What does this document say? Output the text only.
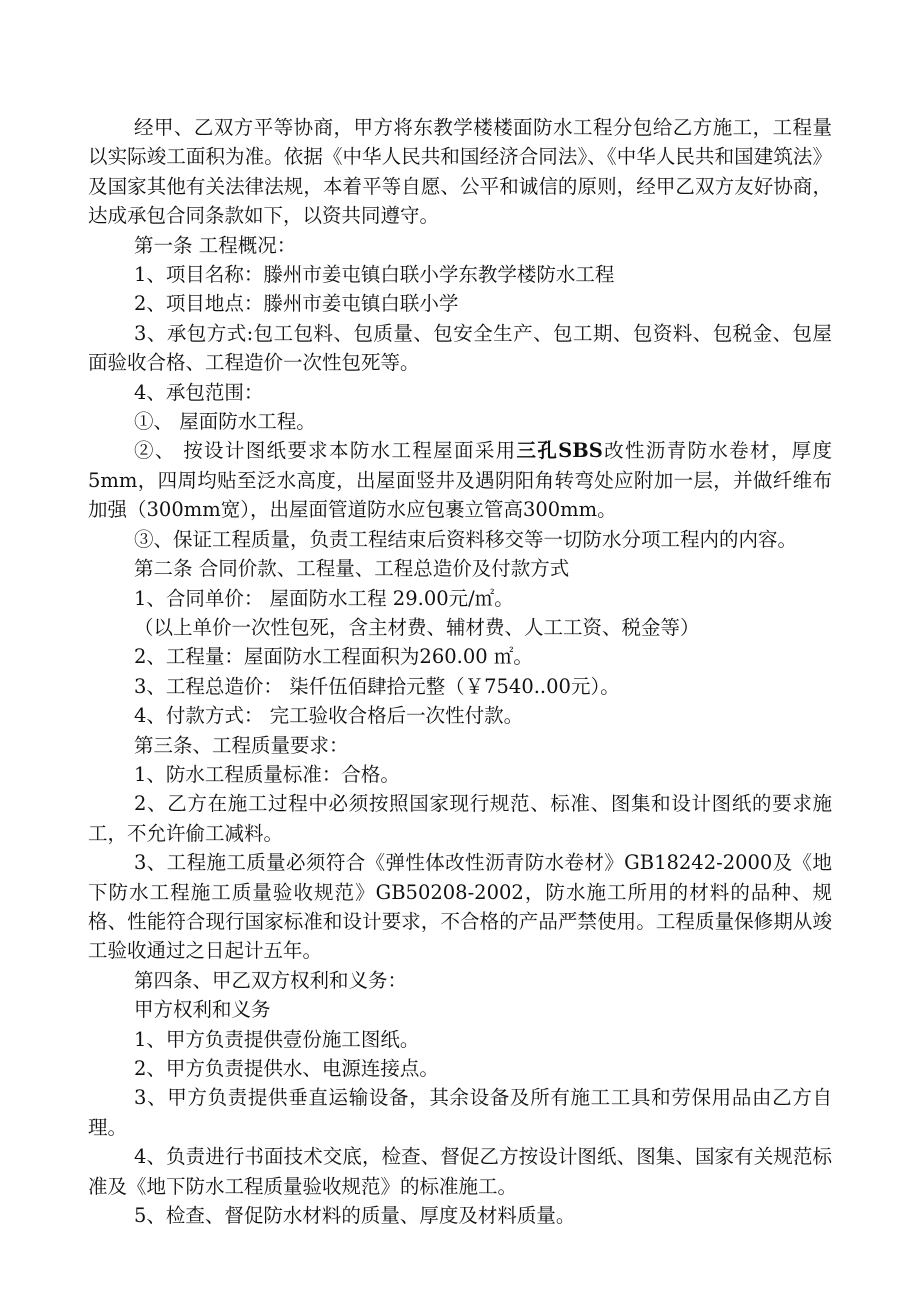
经甲、乙双方平等协商，甲方将东教学楼楼面防水工程分包给乙方施工，工程量以实际竣工面积为准。依据《中华人民共和国经济合同法》、《中华人民共和国建筑法》及国家其他有关法律法规，本着平等自愿、公平和诚信的原则，经甲乙双方友好协商，达成承包合同条款如下，以资共同遵守。

第一条 工程概况：

1、项目名称：滕州市姜屯镇白联小学东教学楼防水工程

2、项目地点：滕州市姜屯镇白联小学

3、承包方式:包工包料、包质量、包安全生产、包工期、包资料、包税金、包屋面验收合格、工程造价一次性包死等。

4、承包范围：

①、 屋面防水工程。

②、 按设计图纸要求本防水工程屋面采用三孔SBS改性沥青防水卷材，厚度5mm，四周均贴至泛水高度，出屋面竖井及遇阴阳角转弯处应附加一层，并做纤维布加强（300mm宽），出屋面管道防水应包裹立管高300mm。

③、保证工程质量，负责工程结束后资料移交等一切防水分项工程内的内容。

第二条 合同价款、工程量、工程总造价及付款方式

1、合同单价： 屋面防水工程 29.00元/㎡。

（以上单价一次性包死，含主材费、辅材费、人工工资、税金等）

2、工程量：屋面防水工程面积为260.00 ㎡。

3、工程总造价： 柒仟伍佰肆拾元整（￥7540..00元）。

4、付款方式： 完工验收合格后一次性付款。

第三条、工程质量要求：

1、防水工程质量标准：合格。

2、乙方在施工过程中必须按照国家现行规范、标准、图集和设计图纸的要求施工，不允许偷工减料。

3、工程施工质量必须符合《弹性体改性沥青防水卷材》GB18242-2000及《地下防水工程施工质量验收规范》GB50208-2002，防水施工所用的材料的品种、规格、性能符合现行国家标准和设计要求，不合格的产品严禁使用。工程质量保修期从竣工验收通过之日起计五年。

第四条、甲乙双方权利和义务：

甲方权利和义务

1、甲方负责提供壹份施工图纸。

2、甲方负责提供水、电源连接点。

3、甲方负责提供垂直运输设备，其余设备及所有施工工具和劳保用品由乙方自理。

4、负责进行书面技术交底，检查、督促乙方按设计图纸、图集、国家有关规范标准及《地下防水工程质量验收规范》的标准施工。

5、检查、督促防水材料的质量、厚度及材料质量。
